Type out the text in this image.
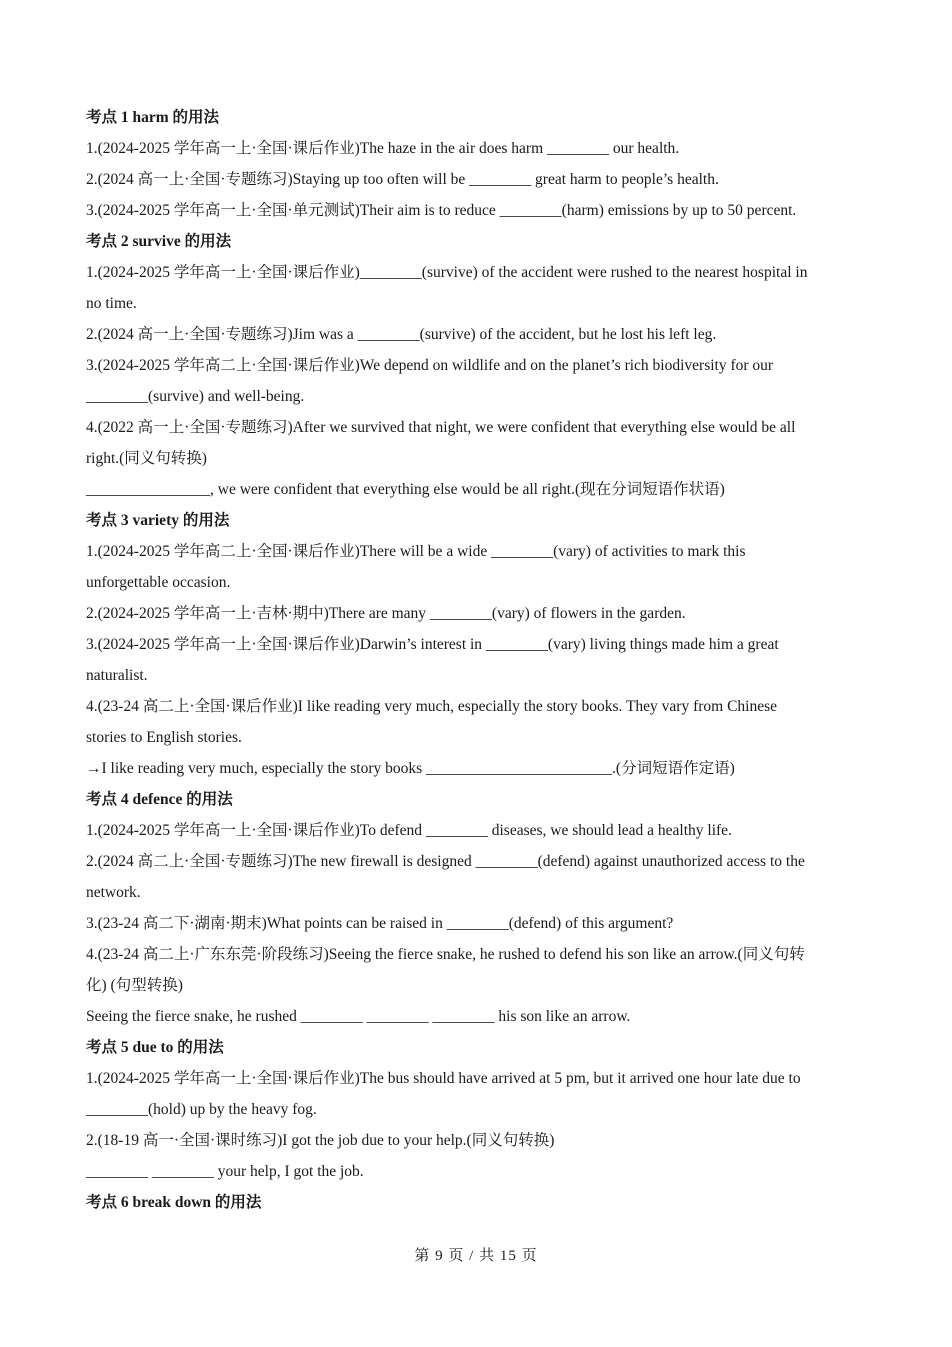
考点 1 harm 的用法
1.(2024-2025 学年高一上·全国·课后作业)The haze in the air does harm ________ our health.
2.(2024 高一上·全国·专题练习)Staying up too often will be ________ great harm to people’s health.
3.(2024-2025 学年高一上·全国·单元测试)Their aim is to reduce ________(harm) emissions by up to 50 percent.
考点 2 survive 的用法
1.(2024-2025 学年高一上·全国·课后作业)________(survive) of the accident were rushed to the nearest hospital in
no time.
2.(2024 高一上·全国·专题练习)Jim was a ________(survive) of the accident, but he lost his left leg.
3.(2024-2025 学年高二上·全国·课后作业)We depend on wildlife and on the planet’s rich biodiversity for our
________(survive) and well-being.
4.(2022 高一上·全国·专题练习)After we survived that night, we were confident that everything else would be all
right.(同义句转换)
________________, we were confident that everything else would be all right.(现在分词短语作状语)
考点 3 variety 的用法
1.(2024-2025 学年高二上·全国·课后作业)There will be a wide ________(vary) of activities to mark this
unforgettable occasion.
2.(2024-2025 学年高一上·吉林·期中)There are many ________(vary) of flowers in the garden.
3.(2024-2025 学年高一上·全国·课后作业)Darwin’s interest in ________(vary) living things made him a great
naturalist.
4.(23-24 高二上·全国·课后作业)I like reading very much, especially the story books. They vary from Chinese
stories to English stories.
→I like reading very much, especially the story books ________________________.(分词短语作定语)
考点 4 defence 的用法
1.(2024-2025 学年高一上·全国·课后作业)To defend ________ diseases, we should lead a healthy life.
2.(2024 高二上·全国·专题练习)The new firewall is designed ________(defend) against unauthorized access to the
network.
3.(23-24 高二下·湖南·期末)What points can be raised in ________(defend) of this argument?
4.(23-24 高二上·广东东莞·阶段练习)Seeing the fierce snake, he rushed to defend his son like an arrow.(同义句转
化) (句型转换)
Seeing the fierce snake, he rushed ________ ________ ________ his son like an arrow.
考点 5 due to 的用法
1.(2024-2025 学年高一上·全国·课后作业)The bus should have arrived at 5 pm, but it arrived one hour late due to
________(hold) up by the heavy fog.
2.(18-19 高一·全国·课时练习)I got the job due to your help.(同义句转换)
________ ________ your help, I got the job.
考点 6 break down 的用法
第 9 页 / 共 15 页
